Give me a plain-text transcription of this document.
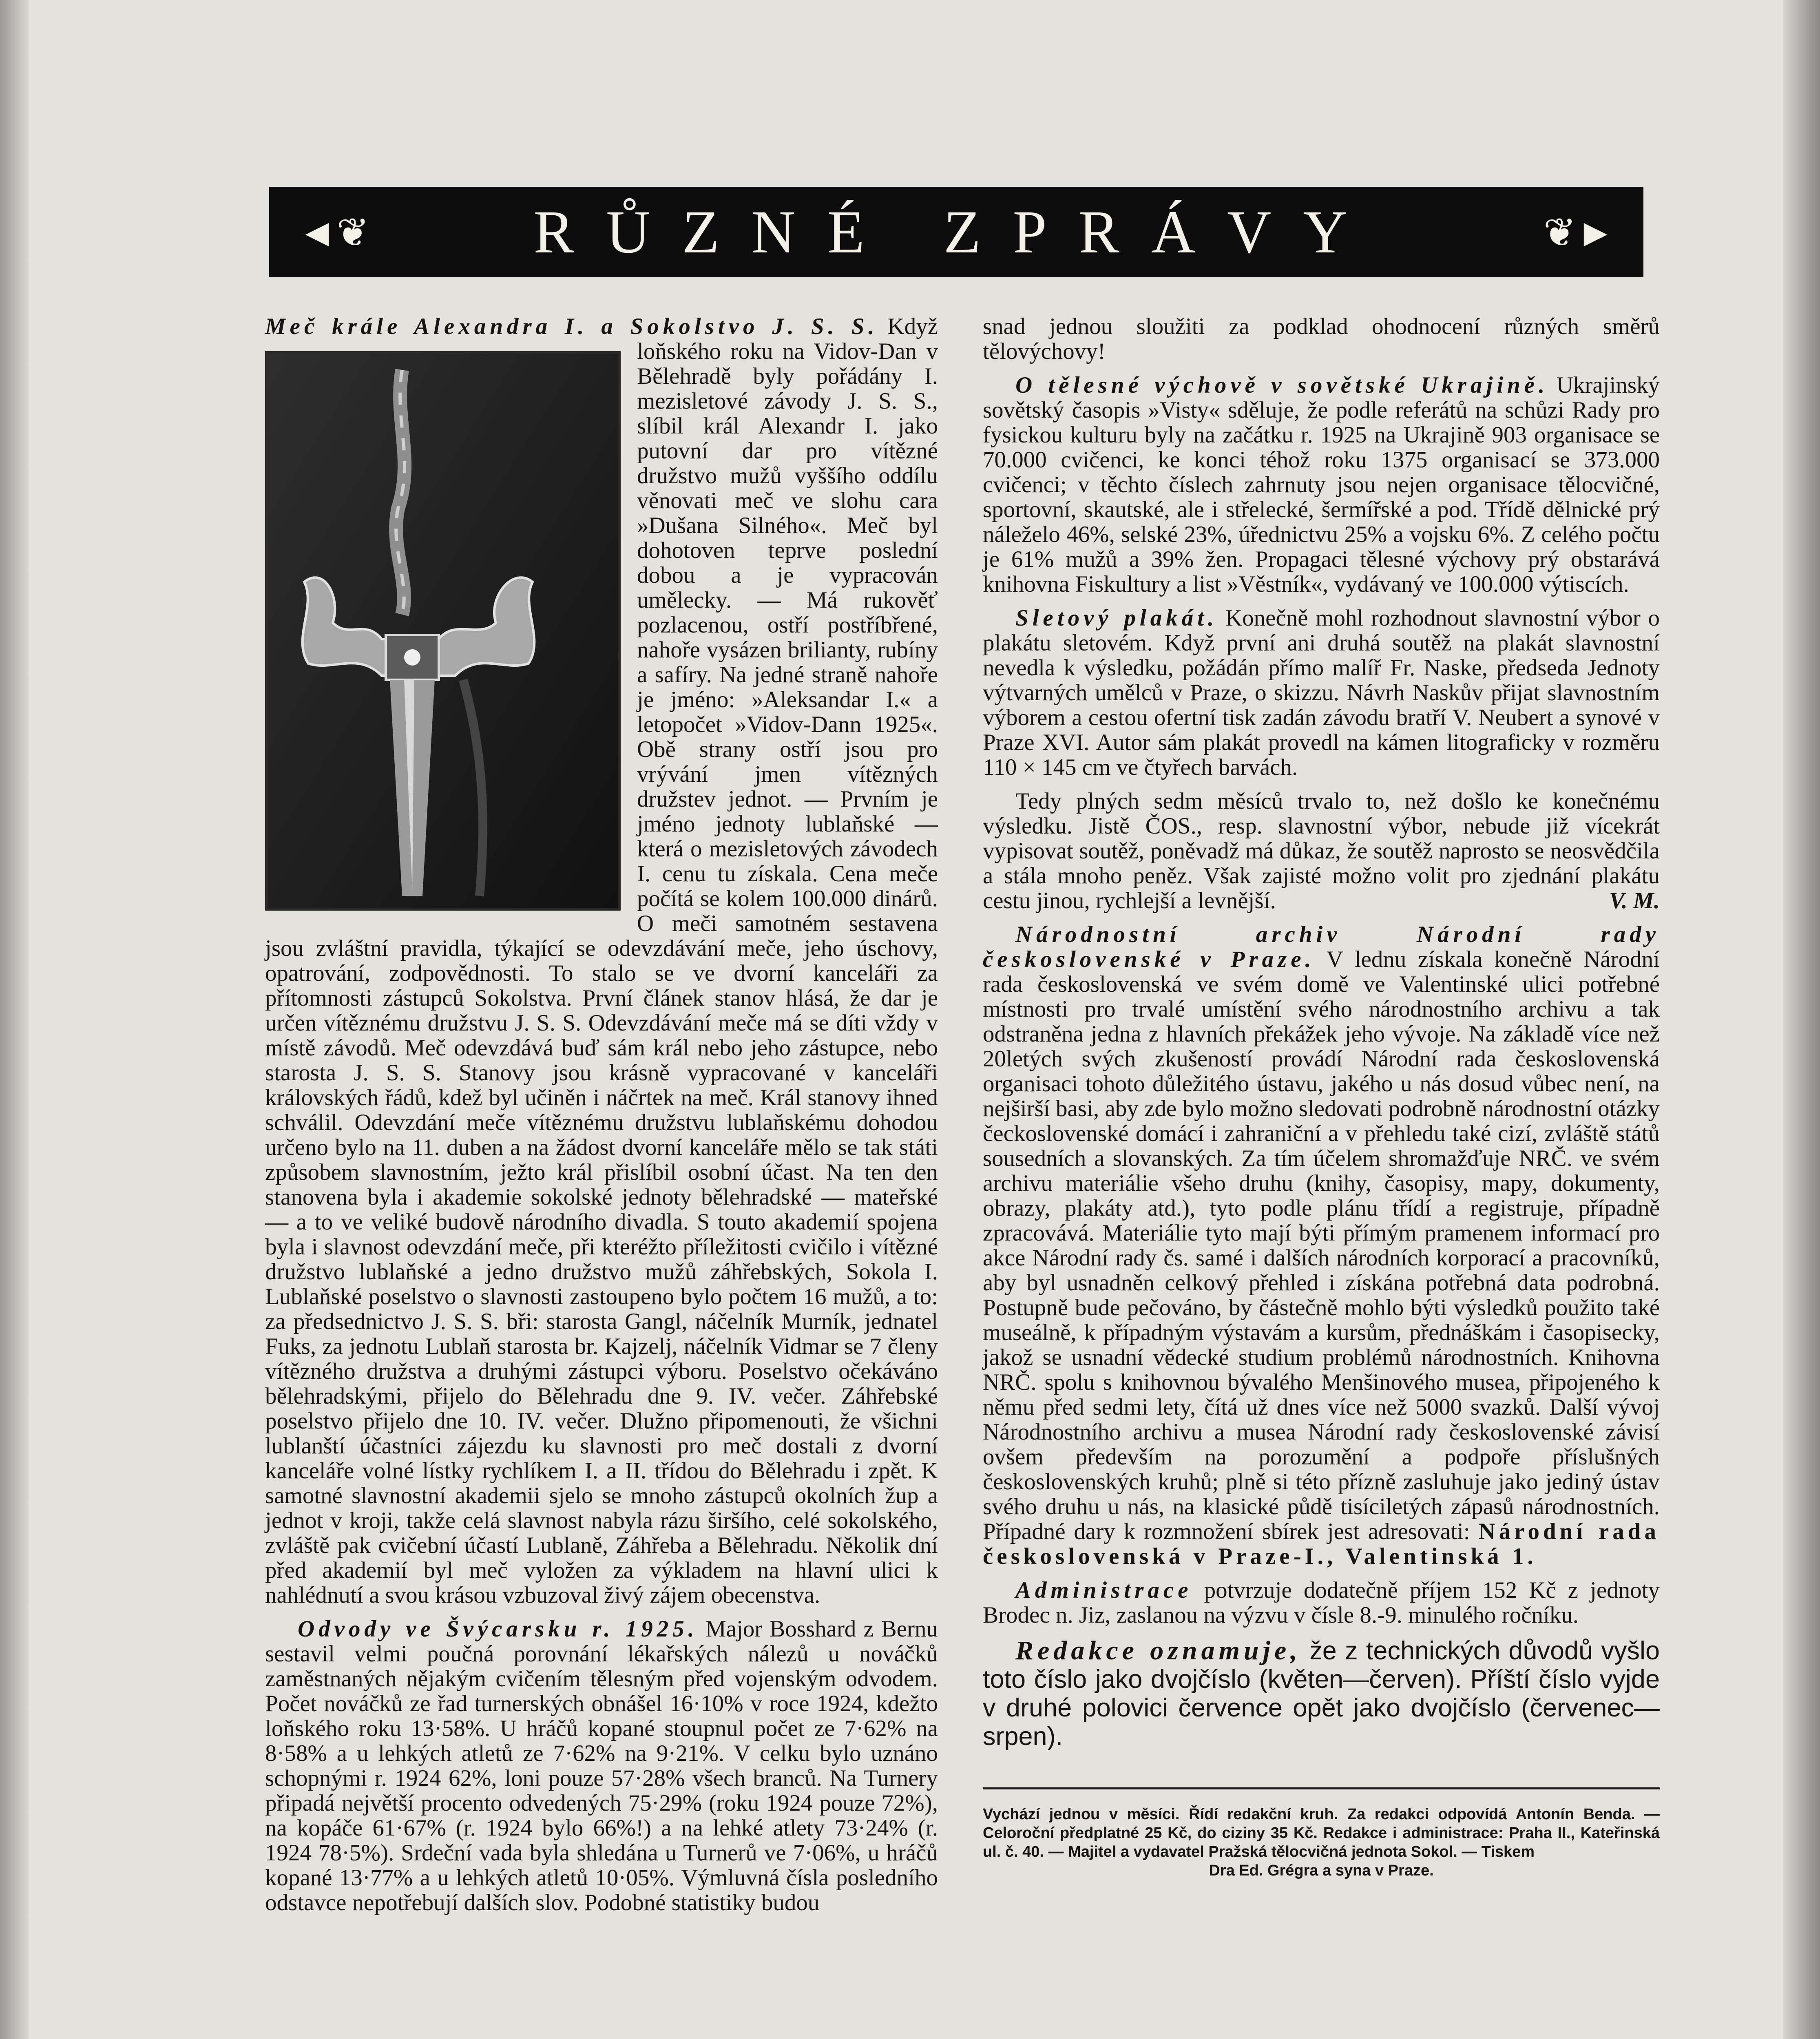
◄❦	RŮZNÉ ZPRÁVY	❦►

Meč krále Alexandra I. a Sokolstvo J. S. S. Když loňského roku na Vidov-Dan v Bělehradě byly pořádány I. mezisletové závody J. S. S., slíbil král Alexandr I. jako putovní dar pro vítězné družstvo mužů vyššího oddílu věnovati meč ve slohu cara »Dušana Silného«. Meč byl dohotoven teprve poslední dobou a je vypracován umělecky. — Má rukověť pozlacenou, ostří postříbřené, nahoře vysázen brilianty, rubíny a safíry. Na jedné straně nahoře je jméno: »Aleksandar I.« a letopočet »Vidov-Dann 1925«. Obě strany ostří jsou pro vrývání jmen vítězných družstev jednot. — Prvním je jméno jednoty lublaňské — která o mezisletových závodech I. cenu tu získala. Cena meče počítá se kolem 100.000 dinárů. O meči samotném sestavena jsou zvláštní pravidla, týkající se odevzdávání meče, jeho úschovy, opatrování, zodpovědnosti. To stalo se ve dvorní kanceláři za přítomnosti zástupců Sokolstva. První článek stanov hlásá, že dar je určen vítěznému družstvu J. S. S. Odevzdávání meče má se díti vždy v místě závodů. Meč odevzdává buď sám král nebo jeho zástupce, nebo starosta J. S. S. Stanovy jsou krásně vypracované v kanceláři královských řádů, kdež byl učiněn i náčrtek na meč. Král stanovy ihned schválil. Odevzdání meče vítěznému družstvu lublaňskému dohodou určeno bylo na 11. duben a na žádost dvorní kanceláře mělo se tak státi způsobem slavnostním, ježto král přislíbil osobní účast. Na ten den stanovena byla i akademie sokolské jednoty bělehradské — mateřské — a to ve veliké budově národního divadla. S touto akademií spojena byla i slavnost odevzdání meče, při kteréžto příležitosti cvičilo i vítězné družstvo lublaňské a jedno družstvo mužů záhřebských, Sokola I. Lublaňské poselstvo o slavnosti zastoupeno bylo počtem 16 mužů, a to: za předsednictvo J. S. S. bři: starosta Gangl, náčelník Murník, jednatel Fuks, za jednotu Lublaň starosta br. Kajzelj, náčelník Vidmar se 7 členy vítězného družstva a druhými zástupci výboru. Poselstvo očekáváno bělehradskými, přijelo do Bělehradu dne 9. IV. večer. Záhřebské poselstvo přijelo dne 10. IV. večer. Dlužno připomenouti, že všichni lublanští účastníci zájezdu ku slavnosti pro meč dostali z dvorní kanceláře volné lístky rychlíkem I. a II. třídou do Bělehradu i zpět. K samotné slavnostní akademii sjelo se mnoho zástupců okolních žup a jednot v kroji, takže celá slavnost nabyla rázu širšího, celé sokolského, zvláště pak cvičební účastí Lublaně, Záhřeba a Bělehradu. Několik dní před akademií byl meč vyložen za výkladem na hlavní ulici k nahlédnutí a svou krásou vzbuzoval živý zájem obecenstva.

Odvody ve Švýcarsku r. 1925. Major Bosshard z Bernu sestavil velmi poučná porovnání lékařských nálezů u nováčků zaměstnaných nějakým cvičením tělesným před vojenským odvodem. Počet nováčků ze řad turnerských obnášel 16·10% v roce 1924, kdežto loňského roku 13·58%. U hráčů kopané stoupnul počet ze 7·62% na 8·58% a u lehkých atletů ze 7·62% na 9·21%. V celku bylo uznáno schopnými r. 1924 62%, loni pouze 57·28% všech branců. Na Turnery připadá největší procento odvedených 75·29% (roku 1924 pouze 72%), na kopáče 61·67% (r. 1924 bylo 66%!) a na lehké atlety 73·24% (r. 1924 78·5%). Srdeční vada byla shledána u Turnerů ve 7·06%, u hráčů kopané 13·77% a u lehkých atletů 10·05%. Výmluvná čísla posledního odstavce nepotřebují dalších slov. Podobné statistiky budou

snad jednou sloužiti za podklad ohodnocení různých směrů tělovýchovy!

O tělesné výchově v sovětské Ukrajině. Ukrajinský sovětský časopis »Visty« sděluje, že podle referátů na schůzi Rady pro fysickou kulturu byly na začátku r. 1925 na Ukrajině 903 organisace se 70.000 cvičenci, ke konci téhož roku 1375 organisací se 373.000 cvičenci; v těchto číslech zahrnuty jsou nejen organisace tělocvičné, sportovní, skautské, ale i střelecké, šermířské a pod. Třídě dělnické prý náleželo 46%, selské 23%, úřednictvu 25% a vojsku 6%. Z celého počtu je 61% mužů a 39% žen. Propagaci tělesné výchovy prý obstarává knihovna Fiskultury a list »Věstník«, vydávaný ve 100.000 výtiscích.

Sletový plakát. Konečně mohl rozhodnout slavnostní výbor o plakátu sletovém. Když první ani druhá soutěž na plakát slavnostní nevedla k výsledku, požádán přímo malíř Fr. Naske, předseda Jednoty výtvarných umělců v Praze, o skizzu. Návrh Naskův přijat slavnostním výborem a cestou ofertní tisk zadán závodu bratří V. Neubert a synové v Praze XVI. Autor sám plakát provedl na kámen litograficky v rozměru 110 × 145 cm ve čtyřech barvách.

Tedy plných sedm měsíců trvalo to, než došlo ke konečnému výsledku. Jistě ČOS., resp. slavnostní výbor, nebude již vícekrát vypisovat soutěž, poněvadž má důkaz, že soutěž naprosto se neosvědčila a stála mnoho peněz. Však zajisté možno volit pro zjednání plakátu cestu jinou, rychlejší a levnější.	V. M.

Národnostní archiv Národní rady československé v Praze. V lednu získala konečně Národní rada československá ve svém domě ve Valentinské ulici potřebné místnosti pro trvalé umístění svého národnostního archivu a tak odstraněna jedna z hlavních překážek jeho vývoje. Na základě více než 20letých svých zkušeností provádí Národní rada československá organisaci tohoto důležitého ústavu, jakého u nás dosud vůbec není, na nejširší basi, aby zde bylo možno sledovati podrobně národnostní otázky čeckoslovenské domácí i zahraniční a v přehledu také cizí, zvláště států sousedních a slovanských. Za tím účelem shromažďuje NRČ. ve svém archivu materiálie všeho druhu (knihy, časopisy, mapy, dokumenty, obrazy, plakáty atd.), tyto podle plánu třídí a registruje, případně zpracovává. Materiálie tyto mají býti přímým pramenem informací pro akce Národní rady čs. samé i dalších národních korporací a pracovníků, aby byl usnadněn celkový přehled i získána potřebná data podrobná. Postupně bude pečováno, by částečně mohlo býti výsledků použito také museálně, k případným výstavám a kursům, přednáškám i časopisecky, jakož se usnadní vědecké studium problémů národnostních. Knihovna NRČ. spolu s knihovnou bývalého Menšinového musea, připojeného k němu před sedmi lety, čítá už dnes více než 5000 svazků. Další vývoj Národnostního archivu a musea Národní rady československé závisí ovšem především na porozumění a podpoře příslušných československých kruhů; plně si této přízně zasluhuje jako jediný ústav svého druhu u nás, na klasické půdě tisíciletých zápasů národnostních. Případné dary k rozmnožení sbírek jest adresovati: Národní rada československá v Praze-I., Valentinská 1.

Administrace potvrzuje dodatečně příjem 152 Kč z jednoty Brodec n. Jiz, zaslanou na výzvu v čísle 8.-9. minulého ročníku.

Redakce oznamuje, že z technických důvodů vyšlo toto číslo jako dvojčíslo (květen—červen). Příští číslo vyjde v druhé polovici července opět jako dvojčíslo (červenec—srpen).

Vychází jednou v měsíci. Řídí redakční kruh. Za redakci odpovídá Antonín Benda. — Celoroční předplatné 25 Kč, do ciziny 35 Kč. Redakce i administrace: Praha II., Kateřinská ul. č. 40. — Majitel a vydavatel Pražská tělocvičná jednota Sokol. — Tiskem
Dra Ed. Grégra a syna v Praze.
